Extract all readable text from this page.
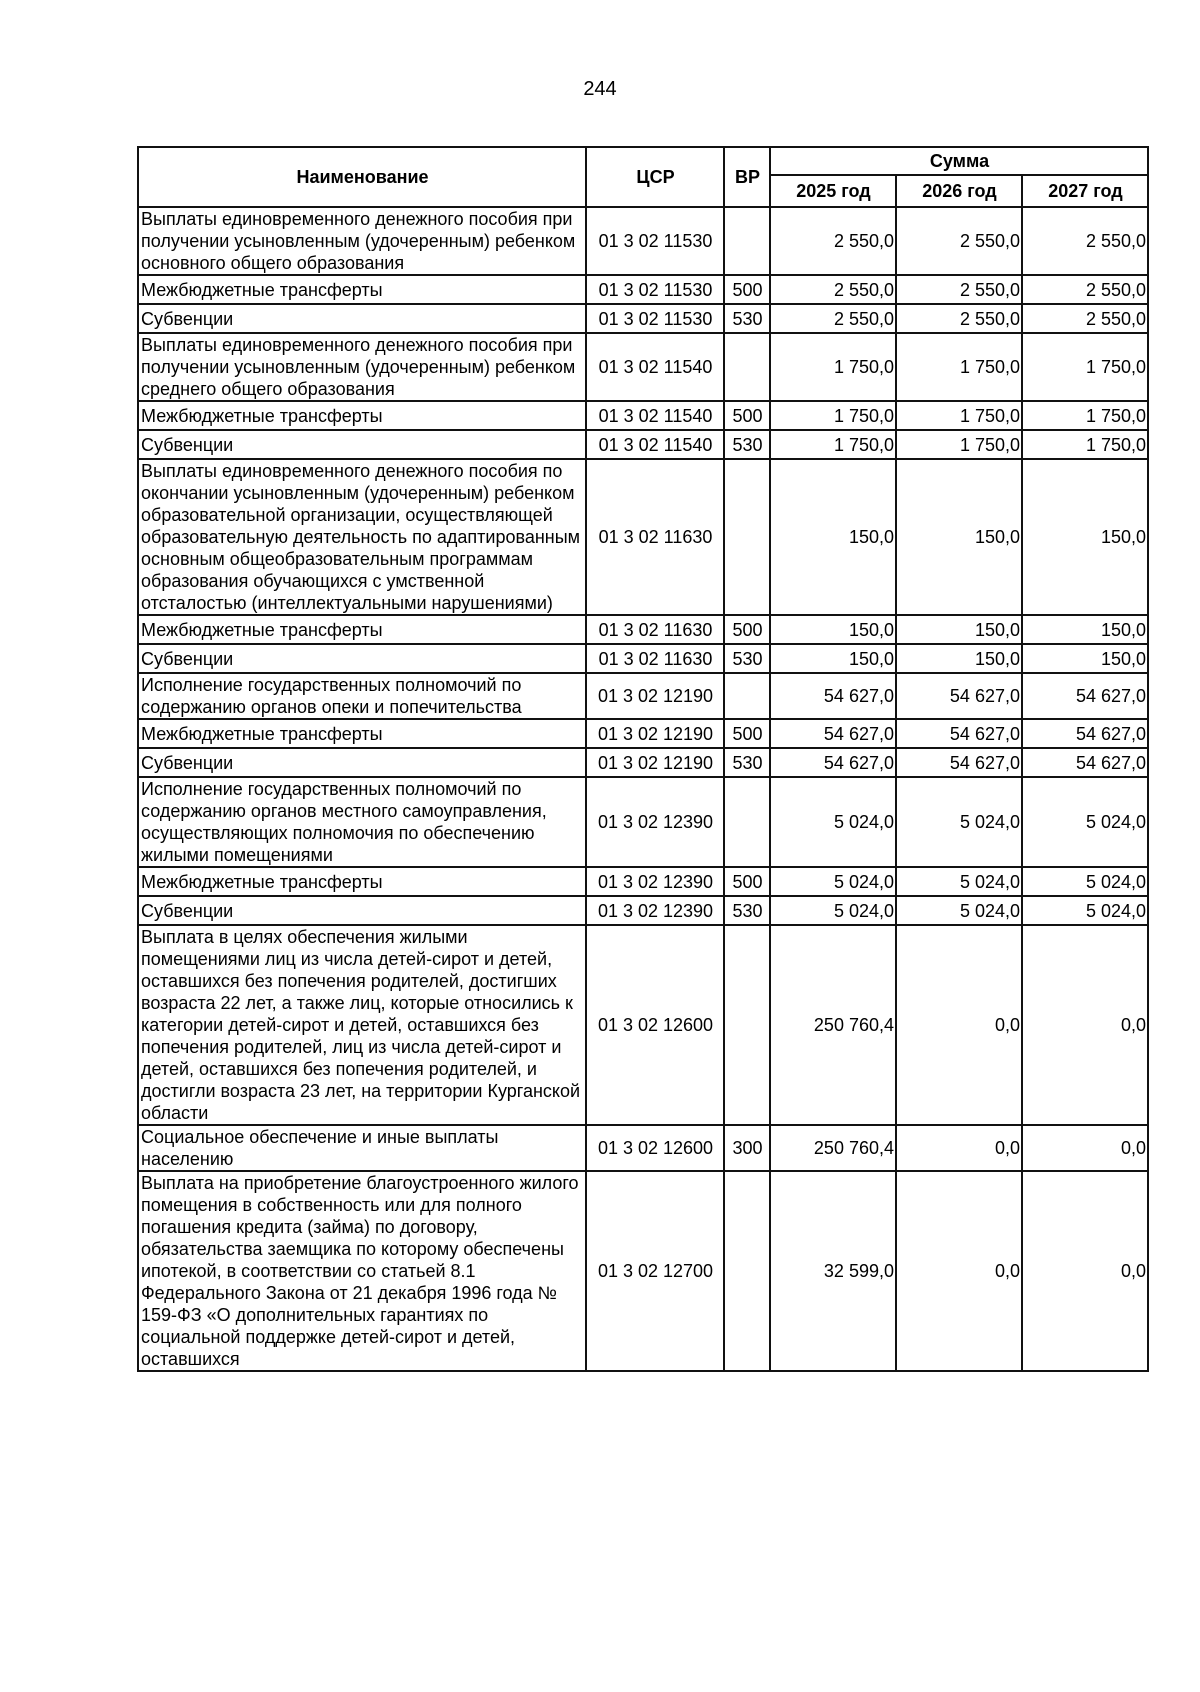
244
Наименование	ЦСР	ВР	Сумма		
			2025 год	2026 год	2027 год
Выплаты единовременного денежного пособия при получении усыновленным (удочеренным) ребенком основного общего образования	01 3 02 11530		2 550,0	2 550,0	2 550,0
Межбюджетные трансферты	01 3 02 11530	500	2 550,0	2 550,0	2 550,0
Субвенции	01 3 02 11530	530	2 550,0	2 550,0	2 550,0
Выплаты единовременного денежного пособия при получении усыновленным (удочеренным) ребенком среднего общего образования	01 3 02 11540		1 750,0	1 750,0	1 750,0
Межбюджетные трансферты	01 3 02 11540	500	1 750,0	1 750,0	1 750,0
Субвенции	01 3 02 11540	530	1 750,0	1 750,0	1 750,0
Выплаты единовременного денежного пособия по окончании усыновленным (удочеренным) ребенком образовательной организации, осуществляющей образовательную деятельность по адаптированным основным общеобразовательным программам образования обучающихся с умственной отсталостью (интеллектуальными нарушениями)	01 3 02 11630		150,0	150,0	150,0
Межбюджетные трансферты	01 3 02 11630	500	150,0	150,0	150,0
Субвенции	01 3 02 11630	530	150,0	150,0	150,0
Исполнение государственных полномочий по содержанию органов опеки и попечительства	01 3 02 12190		54 627,0	54 627,0	54 627,0
Межбюджетные трансферты	01 3 02 12190	500	54 627,0	54 627,0	54 627,0
Субвенции	01 3 02 12190	530	54 627,0	54 627,0	54 627,0
Исполнение государственных полномочий по содержанию органов местного самоуправления, осуществляющих полномочия по обеспечению жилыми помещениями	01 3 02 12390		5 024,0	5 024,0	5 024,0
Межбюджетные трансферты	01 3 02 12390	500	5 024,0	5 024,0	5 024,0
Субвенции	01 3 02 12390	530	5 024,0	5 024,0	5 024,0
Выплата в целях обеспечения жилыми помещениями лиц из числа детей-сирот и детей, оставшихся без попечения родителей, достигших возраста 22 лет, а также лиц, которые относились к категории детей-сирот и детей, оставшихся без попечения родителей, лиц из числа детей-сирот и детей, оставшихся без попечения родителей, и достигли возраста 23 лет, на территории Курганской области	01 3 02 12600		250 760,4	0,0	0,0
Социальное обеспечение и иные выплаты населению	01 3 02 12600	300	250 760,4	0,0	0,0
Выплата на приобретение благоустроенного жилого помещения в собственность или для полного погашения кредита (займа) по договору, обязательства заемщика по которому обеспечены ипотекой, в соответствии со статьей 8.1 Федерального Закона от 21 декабря 1996 года № 159-ФЗ «О дополнительных гарантиях по социальной поддержке детей-сирот и детей, оставшихся	01 3 02 12700		32 599,0	0,0	0,0
